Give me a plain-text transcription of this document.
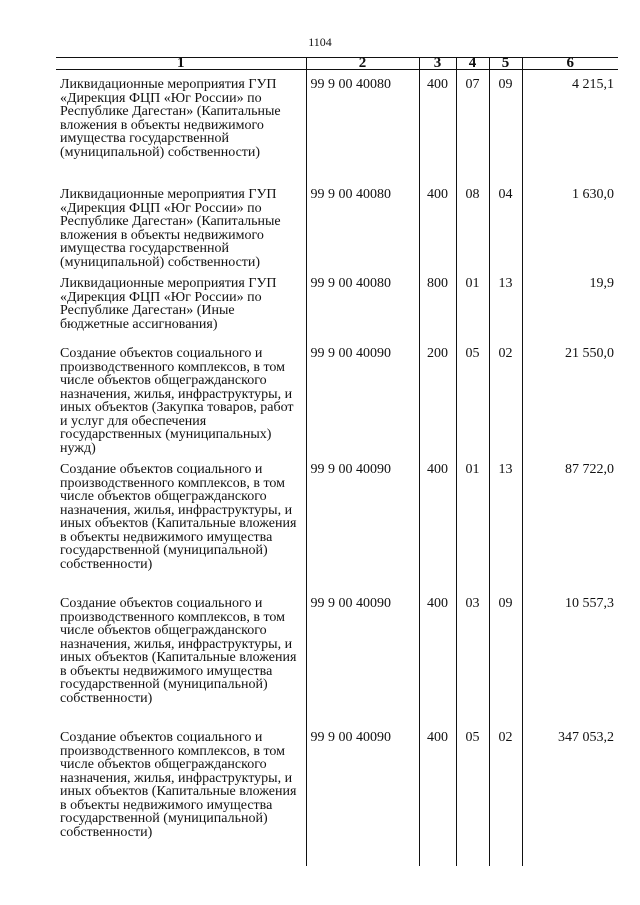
1104
1	2	3	4	5	6
Ликвидационные мероприятия ГУП «Дирекция ФЦП «Юг России» по Республике Дагестан» (Капитальные вложения в объекты недвижимого имущества государственной (муниципальной) собственности)	99 9 00 40080	400	07	09	4 215,1
Ликвидационные мероприятия ГУП «Дирекция ФЦП «Юг России» по Республике Дагестан» (Капитальные вложения в объекты недвижимого имущества государственной (муниципальной) собственности)	99 9 00 40080	400	08	04	1 630,0
Ликвидационные мероприятия ГУП «Дирекция ФЦП «Юг России» по Республике Дагестан» (Иные бюджетные ассигнования)	99 9 00 40080	800	01	13	19,9
Создание объектов социального и производственного комплексов, в том числе объектов общегражданского назначения, жилья, инфраструктуры, и иных объектов (Закупка товаров, работ и услуг для обеспечения государственных (муниципальных) нужд)	99 9 00 40090	200	05	02	21 550,0
Создание объектов социального и производственного комплексов, в том числе объектов общегражданского назначения, жилья, инфраструктуры, и иных объектов (Капитальные вложения в объекты недвижимого имущества государственной (муниципальной) собственности)	99 9 00 40090	400	01	13	87 722,0
Создание объектов социального и производственного комплексов, в том числе объектов общегражданского назначения, жилья, инфраструктуры, и иных объектов (Капитальные вложения в объекты недвижимого имущества государственной (муниципальной) собственности)	99 9 00 40090	400	03	09	10 557,3
Создание объектов социального и производственного комплексов, в том числе объектов общегражданского назначения, жилья, инфраструктуры, и иных объектов (Капитальные вложения в объекты недвижимого имущества государственной (муниципальной) собственности)	99 9 00 40090	400	05	02	347 053,2
